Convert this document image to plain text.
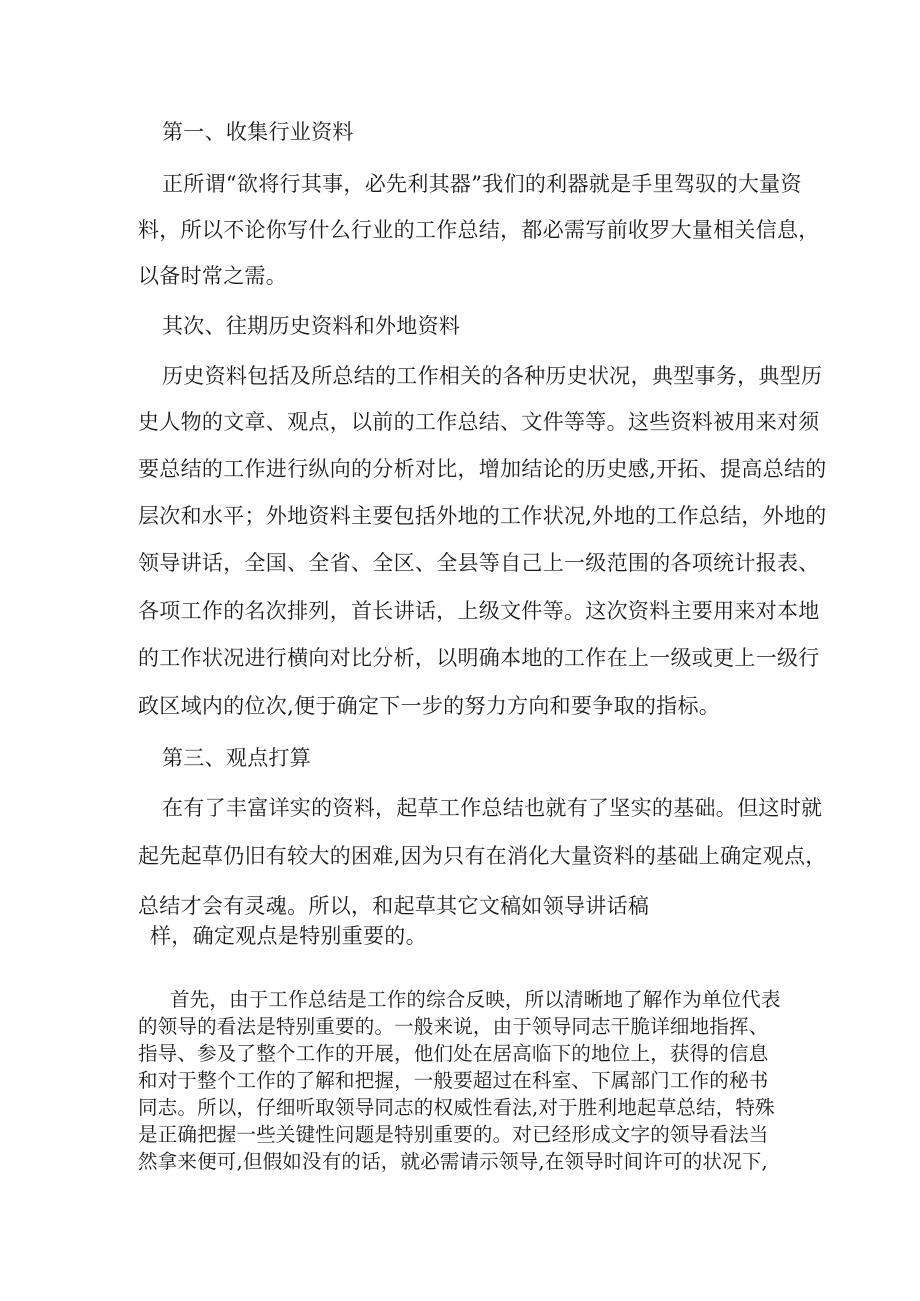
第一、收集行业资料
正所谓“欲将行其事，必先利其器”我们的利器就是手里驾驭的大量资
料，所以不论你写什么行业的工作总结，都必需写前收罗大量相关信息，
以备时常之需。
其次、往期历史资料和外地资料
历史资料包括及所总结的工作相关的各种历史状况，典型事务，典型历
史人物的文章、观点，以前的工作总结、文件等等。这些资料被用来对须
要总结的工作进行纵向的分析对比，增加结论的历史感,开拓、提高总结的
层次和水平；外地资料主要包括外地的工作状况,外地的工作总结，外地的
领导讲话，全国、全省、全区、全县等自己上一级范围的各项统计报表、
各项工作的名次排列，首长讲话，上级文件等。这次资料主要用来对本地
的工作状况进行横向对比分析，以明确本地的工作在上一级或更上一级行
政区域内的位次,便于确定下一步的努力方向和要争取的指标。
第三、观点打算
在有了丰富详实的资料，起草工作总结也就有了坚实的基础。但这时就
起先起草仍旧有较大的困难,因为只有在消化大量资料的基础上确定观点，
总结才会有灵魂。所以，和起草其它文稿如领导讲话稿
样，确定观点是特别重要的。
首先，由于工作总结是工作的综合反映，所以清晰地了解作为单位代表
的领导的看法是特别重要的。一般来说，由于领导同志干脆详细地指挥、
指导、参及了整个工作的开展，他们处在居高临下的地位上，获得的信息
和对于整个工作的了解和把握，一般要超过在科室、下属部门工作的秘书
同志。所以，仔细听取领导同志的权威性看法,对于胜利地起草总结，特殊
是正确把握一些关键性问题是特别重要的。对已经形成文字的领导看法当
然拿来便可,但假如没有的话，就必需请示领导,在领导时间许可的状况下,
